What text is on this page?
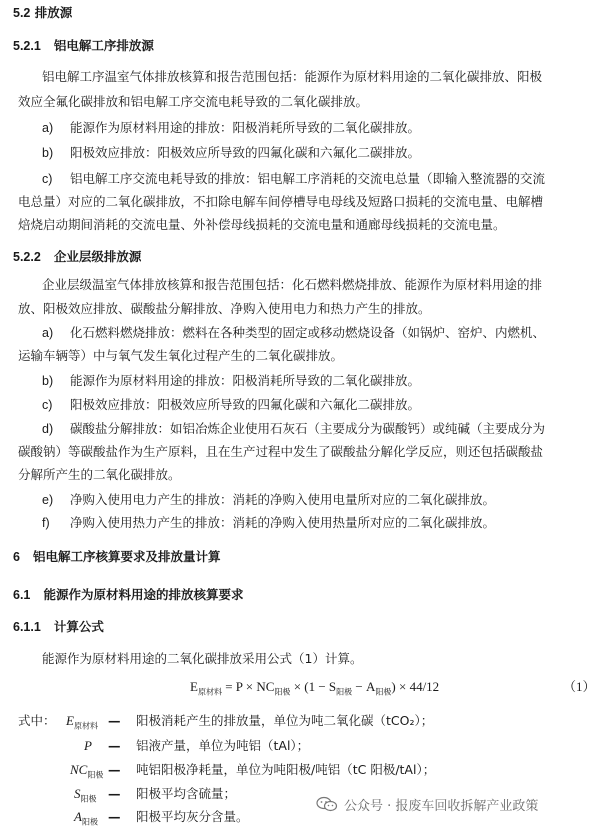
5.2 排放源
5.2.1 铝电解工序排放源
铝电解工序温室气体排放核算和报告范围包括：能源作为原材料用途的二氧化碳排放、阳极
效应全氟化碳排放和铝电解工序交流电耗导致的二氧化碳排放。
a) 能源作为原材料用途的排放：阳极消耗所导致的二氧化碳排放。
b) 阳极效应排放：阳极效应所导致的四氟化碳和六氟化二碳排放。
c) 铝电解工序交流电耗导致的排放：铝电解工序消耗的交流电总量（即输入整流器的交流
电总量）对应的二氧化碳排放，不扣除电解车间停槽导电母线及短路口损耗的交流电量、电解槽
焙烧启动期间消耗的交流电量、外补偿母线损耗的交流电量和通廊母线损耗的交流电量。
5.2.2 企业层级排放源
企业层级温室气体排放核算和报告范围包括：化石燃料燃烧排放、能源作为原材料用途的排
放、阳极效应排放、碳酸盐分解排放、净购入使用电力和热力产生的排放。
a) 化石燃料燃烧排放：燃料在各种类型的固定或移动燃烧设备（如锅炉、窑炉、内燃机、
运输车辆等）中与氧气发生氧化过程产生的二氧化碳排放。
b) 能源作为原材料用途的排放：阳极消耗所导致的二氧化碳排放。
c) 阳极效应排放：阳极效应所导致的四氟化碳和六氟化二碳排放。
d) 碳酸盐分解排放：如铝冶炼企业使用石灰石（主要成分为碳酸钙）或纯碱（主要成分为
碳酸钠）等碳酸盐作为生产原料，且在生产过程中发生了碳酸盐分解化学反应，则还包括碳酸盐
分解所产生的二氧化碳排放。
e) 净购入使用电力产生的排放：消耗的净购入使用电量所对应的二氧化碳排放。
f) 净购入使用热力产生的排放：消耗的净购入使用热量所对应的二氧化碳排放。
6 铝电解工序核算要求及排放量计算
6.1 能源作为原材料用途的排放核算要求
6.1.1 计算公式
能源作为原材料用途的二氧化碳排放采用公式（1）计算。
$E_{原材料} = P \times NC_{阳极} \times (1 - S_{阳极} - A_{阳极}) \times 44/12$	（1）
式中： $E_{原材料}$ — 阳极消耗产生的排放量，单位为吨二氧化碳（tCO₂）；
P — 铝液产量，单位为吨铝（tAl）；
$NC_{阳极}$ — 吨铝阳极净耗量，单位为吨阳极/吨铝（tC 阳极/tAl）；
$S_{阳极}$ — 阳极平均含硫量；
$A_{阳极}$ — 阳极平均灰分含量。
公众号 · 报废车回收拆解产业政策
